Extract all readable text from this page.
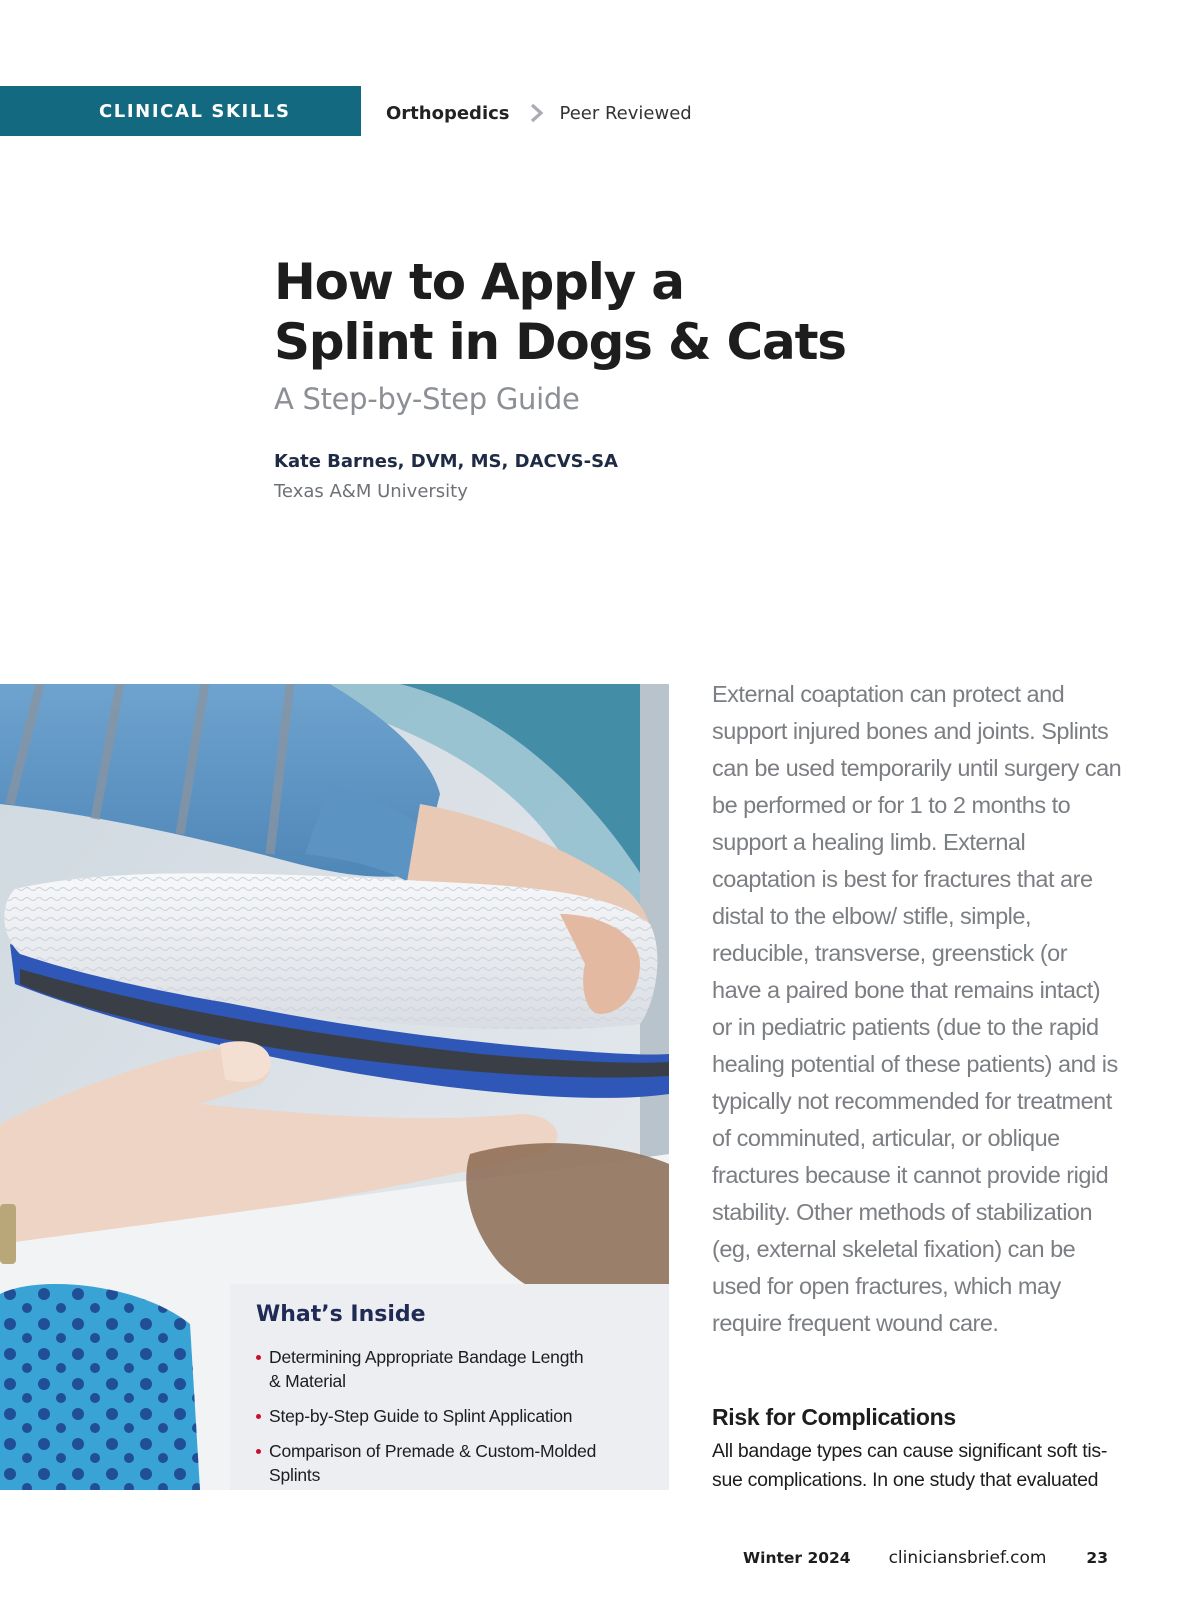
CLINICAL SKILLS	Orthopedics	Peer Reviewed
How to Apply a
Splint in Dogs & Cats
A Step-by-Step Guide
Kate Barnes, DVM, MS, DACVS-SA
Texas A&M University
What’s Inside
Determining Appropriate Bandage Length & Material
Step-by-Step Guide to Splint Application
Comparison of Premade & Custom-Molded Splints

External coaptation can protect and support injured bones and joints. Splints can be used temporarily until surgery can be performed or for 1 to 2 months to support a healing limb. External coaptation is best for fractures that are distal to the elbow/ stifle, simple, reducible, transverse, greenstick (or have a paired bone that remains intact) or in pediatric patients (due to the rapid healing potential of these patients) and is typically not recommended for treatment of comminuted, articular, or oblique fractures because it cannot provide rigid stability. Other methods of stabilization (eg, external skeletal fixation) can be used for open fractures, which may require frequent wound care.

Risk for Complications

All bandage types can cause significant soft tis-sue complications. In one study that evaluated

Winter 2024 cliniciansbrief.com	23
